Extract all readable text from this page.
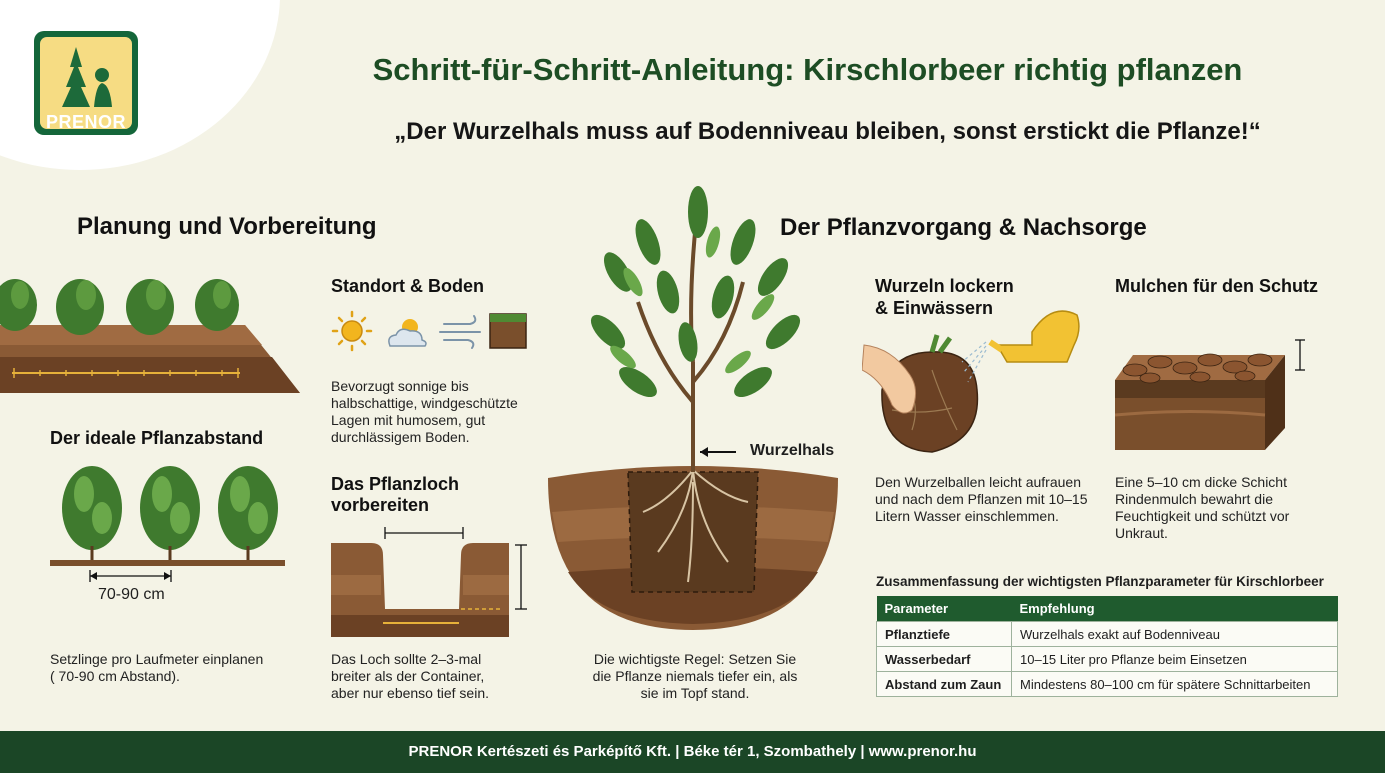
PRENOR
Schritt-für-Schritt-Anleitung: Kirschlorbeer richtig pflanzen
„Der Wurzelhals muss auf Bodenniveau bleiben, sonst erstickt die Pflanze!“
Planung und Vorbereitung
Der ideale Pflanzabstand
70-90 cm
Setzlinge pro Laufmeter einplanen
( 70-90 cm Abstand).
Standort & Boden
Bevorzugt sonnige bis halbschattige, windgeschützte Lagen mit humosem, gut durchlässigem Boden.
Das Pflanzloch
vorbereiten
Das Loch sollte 2–3-mal breiter als der Container, aber nur ebenso tief sein.
Wurzelhals
Die wichtigste Regel: Setzen Sie die Pflanze niemals tiefer ein, als sie im Topf stand.
Der Pflanzvorgang & Nachsorge
Wurzeln lockern
& Einwässern
Den Wurzelballen leicht aufrauen und nach dem Pflanzen mit 10–15 Litern Wasser einschlemmen.
Mulchen für den Schutz
Eine 5–10 cm dicke Schicht Rindenmulch bewahrt die Feuchtigkeit und schützt vor Unkraut.
Zusammenfassung der wichtigsten Pflanzparameter für Kirschlorbeer
Parameter	Empfehlung
Pflanztiefe	Wurzelhals exakt auf Bodenniveau
Wasserbedarf	10–15 Liter pro Pflanze beim Einsetzen
Abstand zum Zaun	Mindestens 80–100 cm für spätere Schnittarbeiten
PRENOR Kertészeti és Parképítő Kft. | Béke tér 1, Szombathely | www.prenor.hu
